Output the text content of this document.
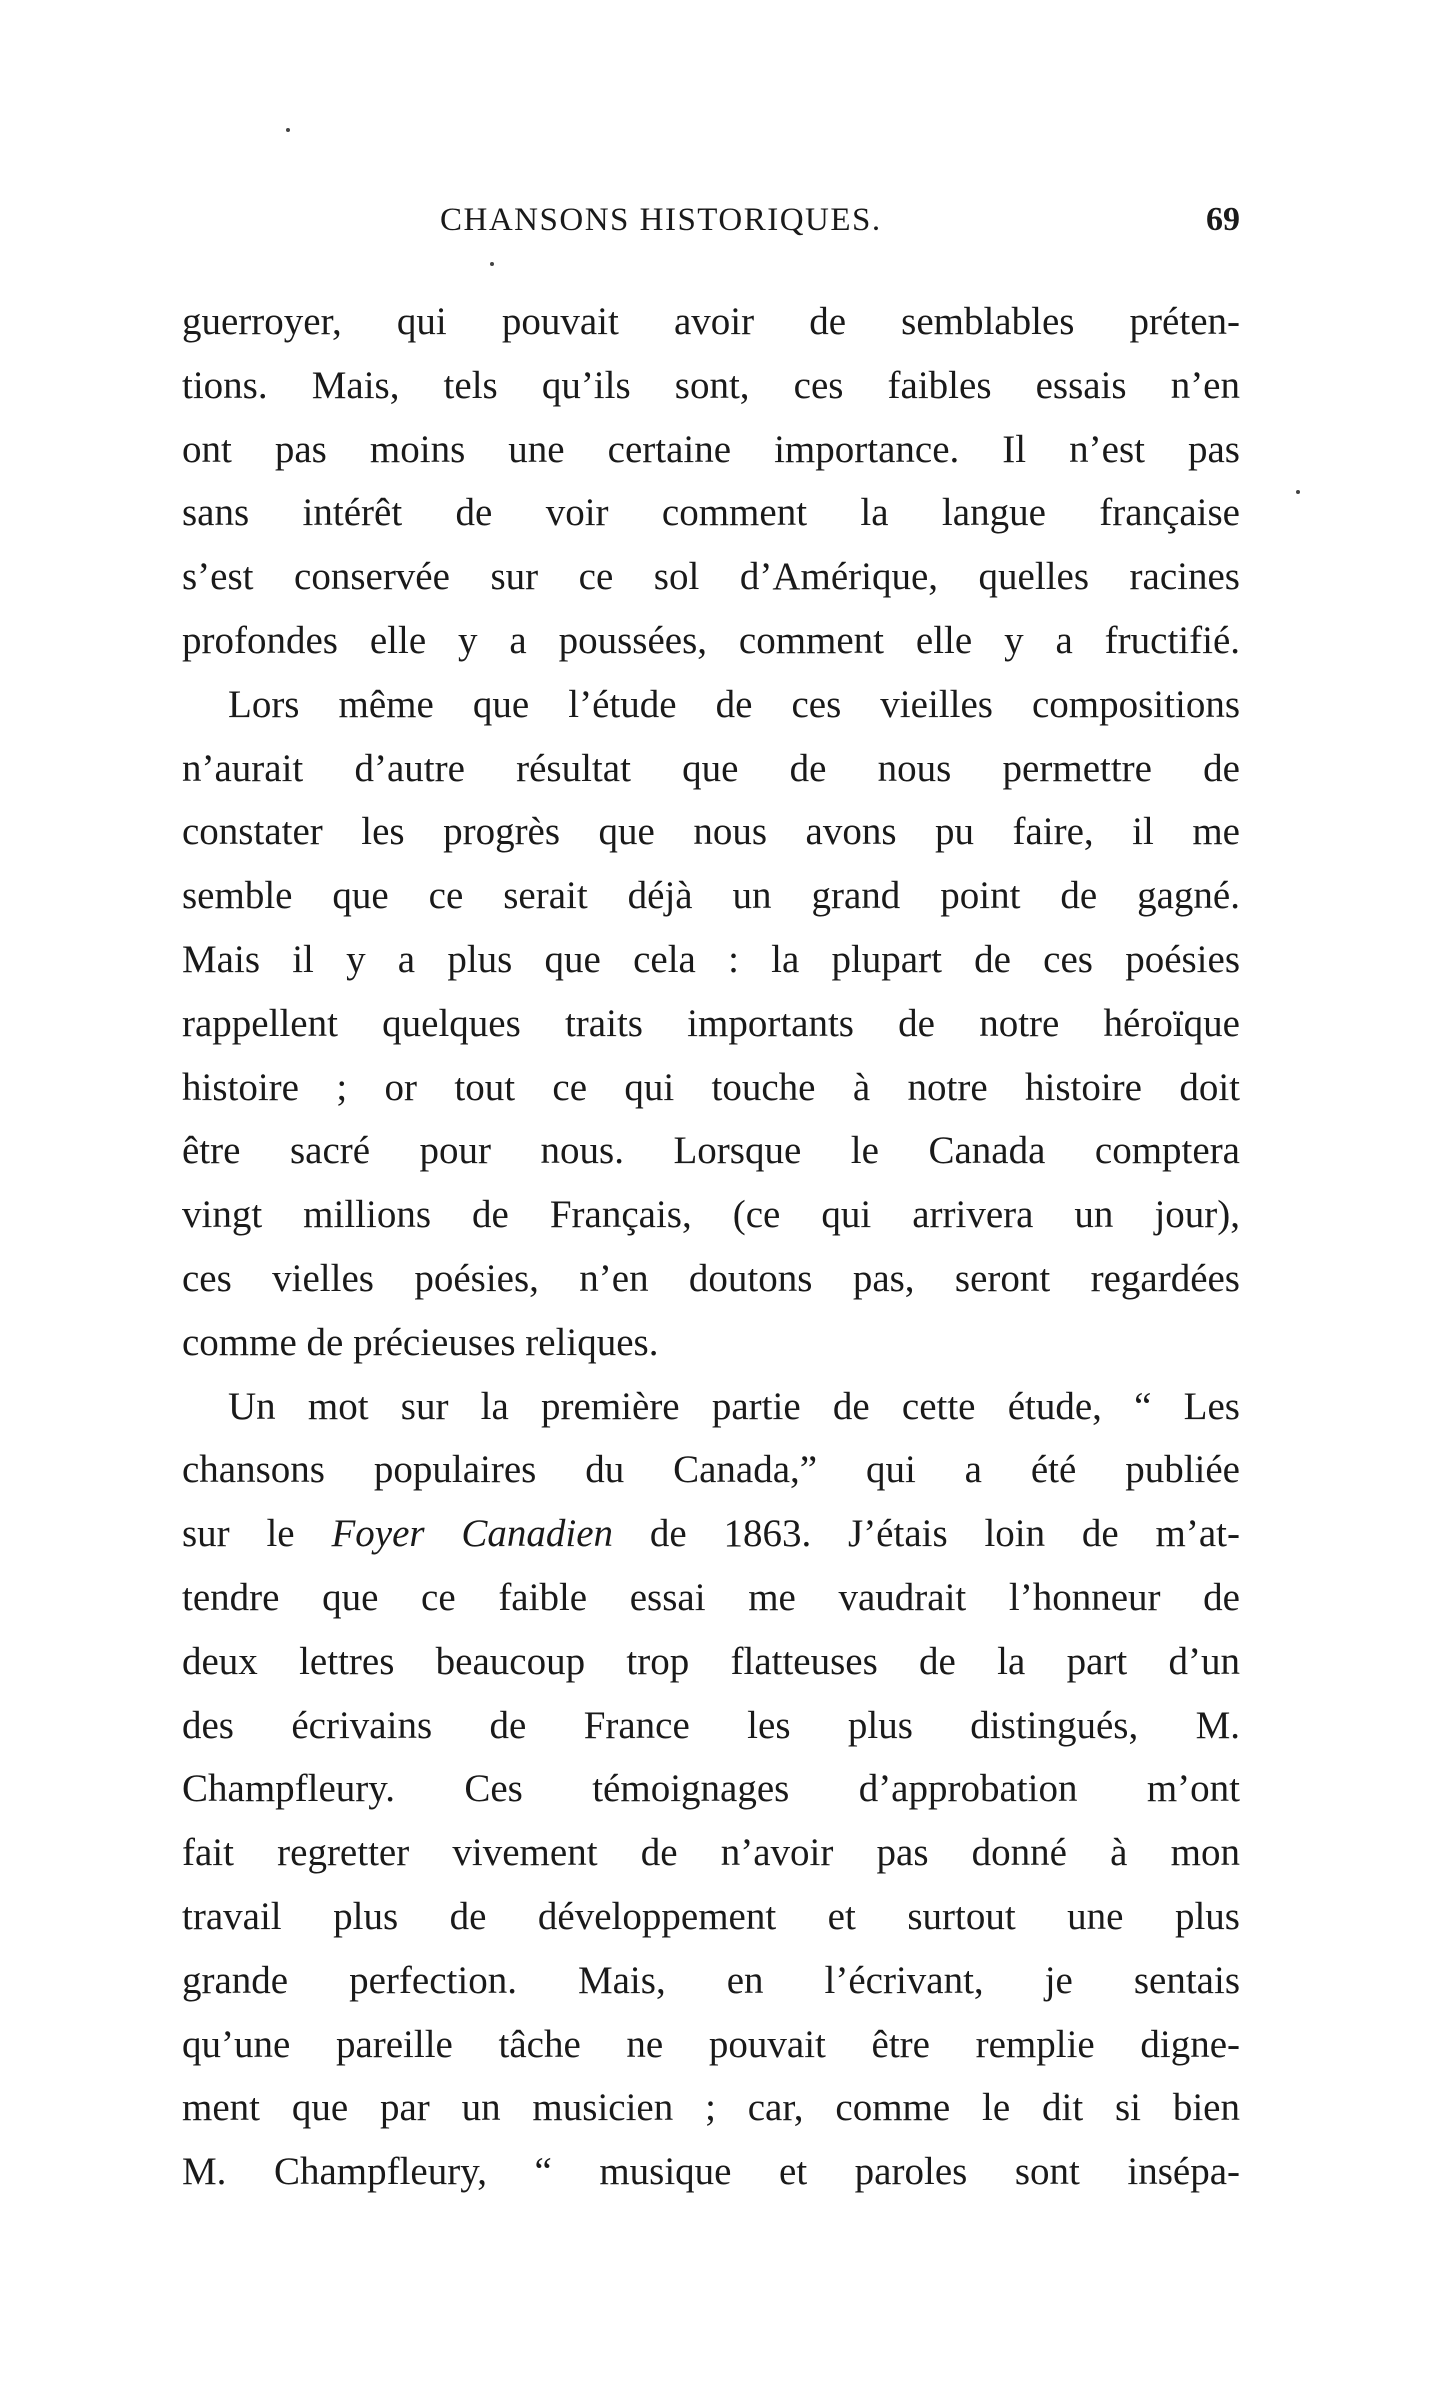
CHANSONS HISTORIQUES.	69
guerroyer, qui pouvait avoir de semblables préten-
tions. Mais, tels qu’ils sont, ces faibles essais n’en
ont pas moins une certaine importance. Il n’est pas
sans intérêt de voir comment la langue française
s’est conservée sur ce sol d’Amérique, quelles racines
profondes elle y a poussées, comment elle y a fructifié.
Lors même que l’étude de ces vieilles compositions
n’aurait d’autre résultat que de nous permettre de
constater les progrès que nous avons pu faire, il me
semble que ce serait déjà un grand point de gagné.
Mais il y a plus que cela : la plupart de ces poésies
rappellent quelques traits importants de notre héroïque
histoire ; or tout ce qui touche à notre histoire doit
être sacré pour nous. Lorsque le Canada comptera
vingt millions de Français, (ce qui arrivera un jour),
ces vielles poésies, n’en doutons pas, seront regardées
comme de précieuses reliques.
Un mot sur la première partie de cette étude, “ Les
chansons populaires du Canada,” qui a été publiée
sur le Foyer Canadien de 1863. J’étais loin de m’at-
tendre que ce faible essai me vaudrait l’honneur de
deux lettres beaucoup trop flatteuses de la part d’un
des écrivains de France les plus distingués, M.
Champfleury. Ces témoignages d’approbation m’ont
fait regretter vivement de n’avoir pas donné à mon
travail plus de développement et surtout une plus
grande perfection. Mais, en l’écrivant, je sentais
qu’une pareille tâche ne pouvait être remplie digne-
ment que par un musicien ; car, comme le dit si bien
M. Champfleury, “ musique et paroles sont insépa-
